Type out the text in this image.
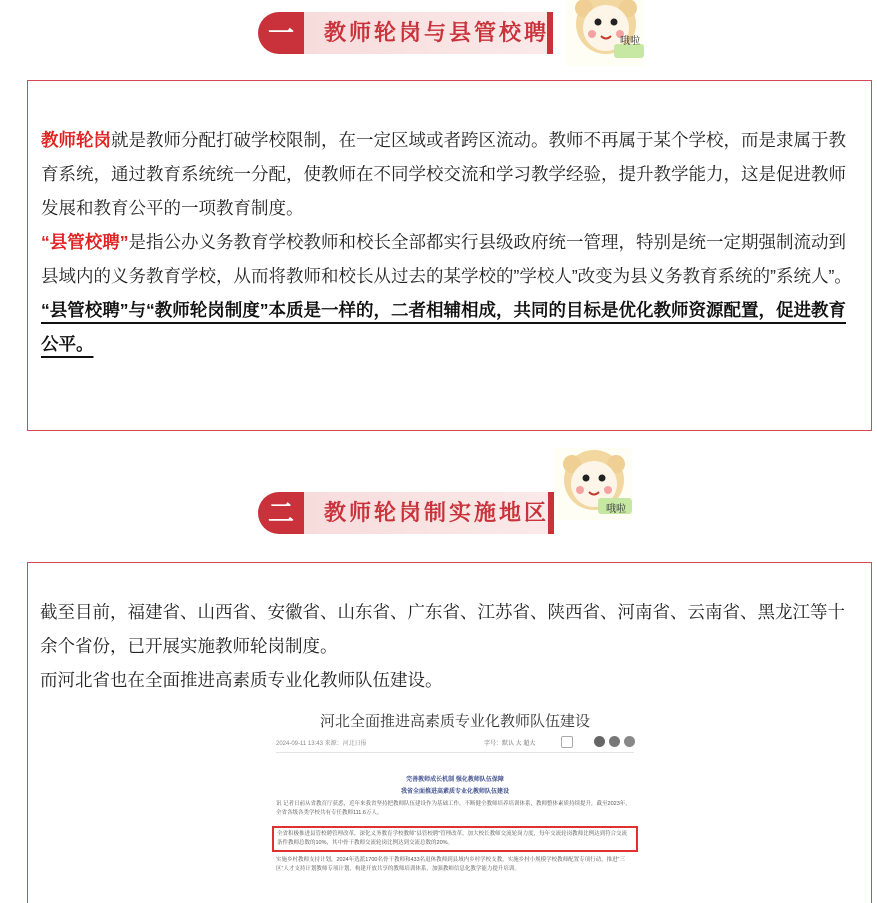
一	教师轮岗与县管校聘	哦啦

教师轮岗就是教师分配打破学校限制，在一定区域或者跨区流动。教师不再属于某个学校，而是隶属于教育系统，通过教育系统统一分配，使教师在不同学校交流和学习教学经验，提升教学能力，这是促进教师发展和教育公平的一项教育制度。

“县管校聘”是指公办义务教育学校教师和校长全部都实行县级政府统一管理，特别是统一定期强制流动到县域内的义务教育学校，从而将教师和校长从过去的某学校的”学校人”改变为县义务教育系统的”系统人”。

“县管校聘”与“教师轮岗制度”本质是一样的，二者相辅相成，共同的目标是优化教师资源配置，促进教育公平。

哦啦
二	教师轮岗制实施地区

截至目前，福建省、山西省、安徽省、山东省、广东省、江苏省、陕西省、河南省、云南省、黑龙江等十余个省份，已开展实施教师轮岗制度。

而河北省也在全面推进高素质专业化教师队伍建设。

河北全面推进高素质专业化教师队伍建设
2024-09-11 13:43 来源：河北日报	字号：默认 大 超大
完善教师成长机制 强化教师队伍保障
我省全面推进高素质专业化教师队伍建设
讯 记者日前从省教育厅获悉，近年来我省坚持把教师队伍建设作为基础工作，不断健全教师培养培训体系，教师整体素质持续提升，截至2023年，全省各级各类学校共有专任教师111.6万人。
全省积极推进县管校聘管理改革，深化义务教育学校教师“县管校聘”管理改革，加大校长教师交流轮岗力度，每年交流轮岗教师比例达到符合交流条件教师总数的10%，其中骨干教师交流轮岗比例达到交流总数的20%。
实施乡村教师支持计划，2024年选派1700名骨干教师和433名退休教师到县域内乡村学校支教，实施乡村小规模学校教师配置专项行动，推进“三区”人才支持计划教师专项计划，构建开放共享的教师培训体系，加强教师信息化教学能力提升培训。
